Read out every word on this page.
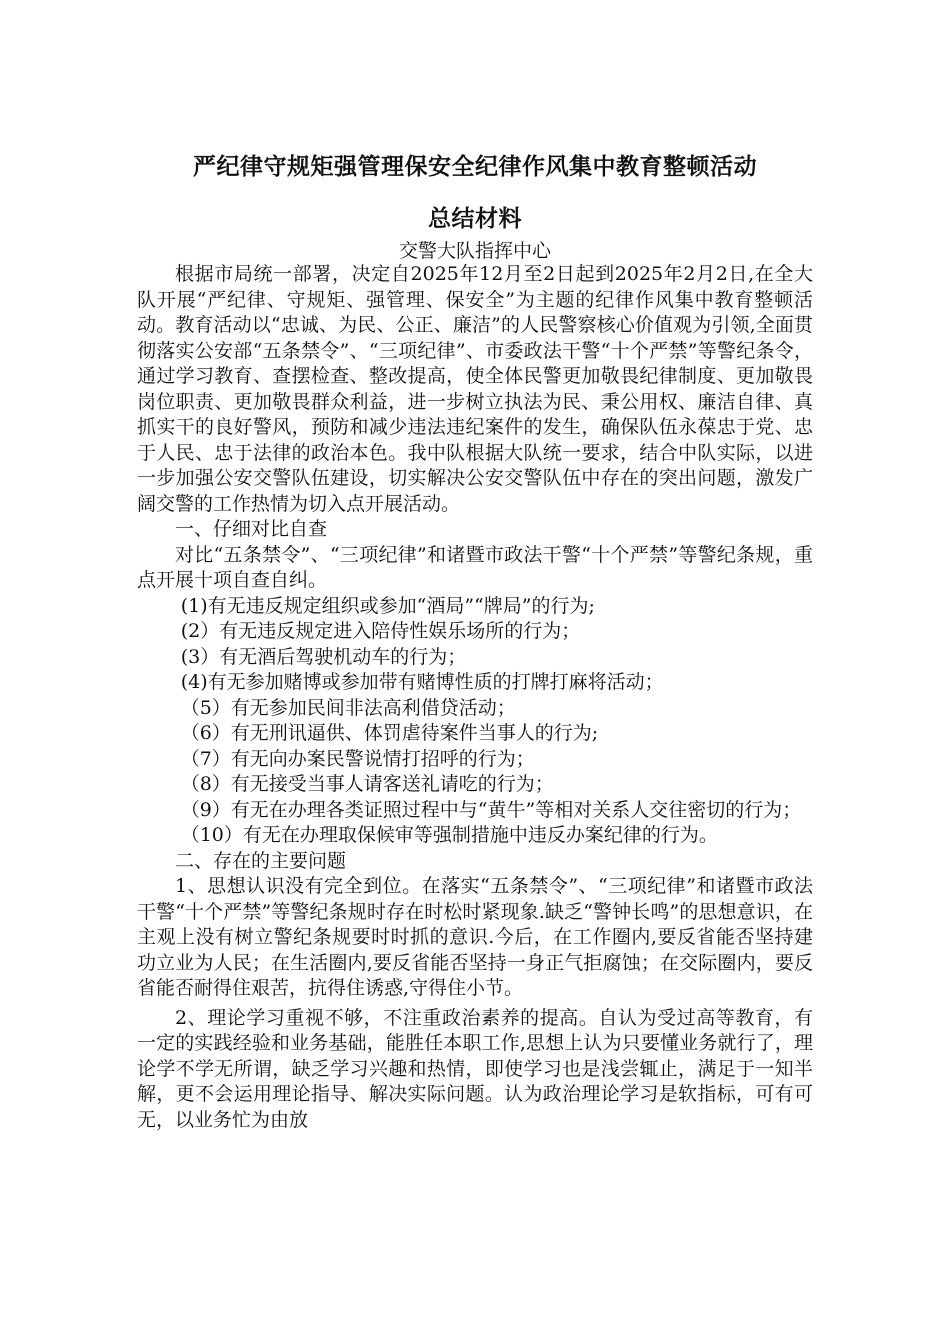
严纪律守规矩强管理保安全纪律作风集中教育整顿活动
总结材料
交警大队指挥中心

根据市局统一部署，决定自2025年12月至2日起到2025年2月2日,在全大队开展“严纪律、守规矩、强管理、保安全”为主题的纪律作风集中教育整顿活动。教育活动以“忠诚、为民、公正、廉洁”的人民警察核心价值观为引领,全面贯彻落实公安部“五条禁令”、“三项纪律”、市委政法干警“十个严禁”等警纪条令，通过学习教育、查摆检查、整改提高，使全体民警更加敬畏纪律制度、更加敬畏岗位职责、更加敬畏群众利益，进一步树立执法为民、秉公用权、廉洁自律、真抓实干的良好警风，预防和减少违法违纪案件的发生，确保队伍永葆忠于党、忠于人民、忠于法律的政治本色。我中队根据大队统一要求，结合中队实际，以进一步加强公安交警队伍建设，切实解决公安交警队伍中存在的突出问题，激发广阔交警的工作热情为切入点开展活动。

一、仔细对比自查

对比“五条禁令”、“三项纪律”和诸暨市政法干警“十个严禁”等警纪条规，重点开展十项自查自纠。

(1)有无违反规定组织或参加“酒局”“牌局”的行为;

(2）有无违反规定进入陪侍性娱乐场所的行为；

(3）有无酒后驾驶机动车的行为；

(4)有无参加赌博或参加带有赌博性质的打牌打麻将活动；

（5）有无参加民间非法高利借贷活动；

（6）有无刑讯逼供、体罚虐待案件当事人的行为;

（7）有无向办案民警说情打招呼的行为；

（8）有无接受当事人请客送礼请吃的行为；

（9）有无在办理各类证照过程中与“黄牛”等相对关系人交往密切的行为；

（10）有无在办理取保候审等强制措施中违反办案纪律的行为。

二、存在的主要问题

1、思想认识没有完全到位。在落实“五条禁令”、“三项纪律”和诸暨市政法干警“十个严禁”等警纪条规时存在时松时紧现象.缺乏“警钟长鸣”的思想意识，在主观上没有树立警纪条规要时时抓的意识.今后，在工作圈内,要反省能否坚持建功立业为人民；在生活圈内,要反省能否坚持一身正气拒腐蚀；在交际圈内，要反省能否耐得住艰苦，抗得住诱惑,守得住小节。

2、理论学习重视不够，不注重政治素养的提高。自认为受过高等教育，有一定的实践经验和业务基础，能胜任本职工作,思想上认为只要懂业务就行了，理论学不学无所谓，缺乏学习兴趣和热情，即使学习也是浅尝辄止，满足于一知半解，更不会运用理论指导、解决实际问题。认为政治理论学习是软指标，可有可无，以业务忙为由放
